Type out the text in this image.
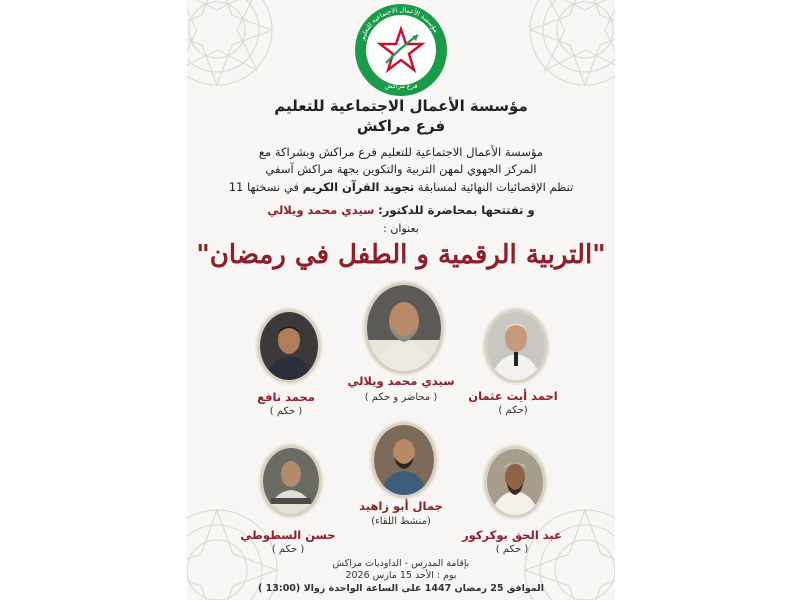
مؤسسة الأعمال الاجتماعية للتعليم
فرع مراكش
مؤسسة الأعمال الاجتماعية للتعليم
فرع مراكش
مؤسسة الأعمال الاجتماعية للتعليم فرع مراكش وبشراكة مع
المركز الجهوي لمهن التربية والتكوين بجهة مراكش آسفي
تنظم الإقصائيات النهائية لمسابقة تجويد القرآن الكريم في نسختها 11
و تفتتحها بمحاضرة للدكتور: سيدي محمد ويلالي
بعنوان :
"التربية الرقمية و الطفل في رمضان"
سيدي محمد ويلالي
( محاضر و حكم )
محمد نافع
( حكم )
احمد أيت عثمان
(حكم )
جمال أبو زاهيد
(منشط اللقاء)
حسن السطوطي
( حكم )
عبد الحق بوكركور
( حكم )
بإقامة المدرس - الداوديات مراكش
يوم : الأحد 15 مارس 2026
الموافق 25 رمضان 1447 على الساعة الواحدة زوالا (13:00 )
